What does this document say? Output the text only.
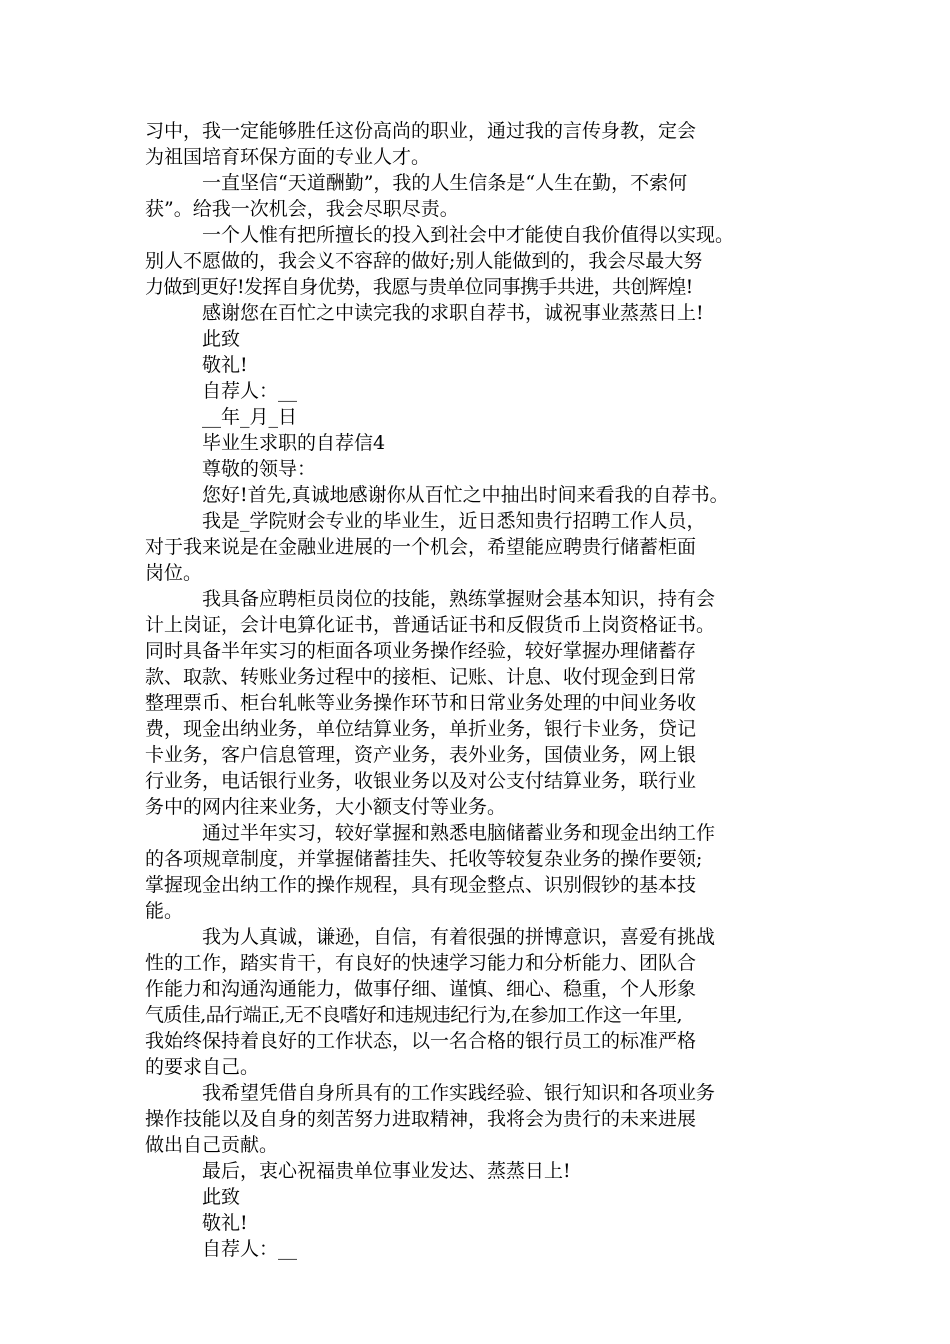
习中，我一定能够胜任这份高尚的职业，通过我的言传身教，定会
为祖国培育环保方面的专业人才。
一直坚信“天道酬勤”，我的人生信条是“人生在勤，不索何
获”。给我一次机会，我会尽职尽责。
一个人惟有把所擅长的投入到社会中才能使自我价值得以实现。
别人不愿做的，我会义不容辞的做好;别人能做到的，我会尽最大努
力做到更好!发挥自身优势，我愿与贵单位同事携手共进，共创辉煌!
感谢您在百忙之中读完我的求职自荐书，诚祝事业蒸蒸日上!
此致
敬礼!
自荐人：__
__年_月_日
毕业生求职的自荐信4
尊敬的领导：
您好!首先,真诚地感谢你从百忙之中抽出时间来看我的自荐书。
我是_学院财会专业的毕业生，近日悉知贵行招聘工作人员，
对于我来说是在金融业进展的一个机会，希望能应聘贵行储蓄柜面
岗位。
我具备应聘柜员岗位的技能，熟练掌握财会基本知识，持有会
计上岗证，会计电算化证书，普通话证书和反假货币上岗资格证书。
同时具备半年实习的柜面各项业务操作经验，较好掌握办理储蓄存
款、取款、转账业务过程中的接柜、记账、计息、收付现金到日常
整理票币、柜台轧帐等业务操作环节和日常业务处理的中间业务收
费，现金出纳业务，单位结算业务，单折业务，银行卡业务，贷记
卡业务，客户信息管理，资产业务，表外业务，国债业务，网上银
行业务，电话银行业务，收银业务以及对公支付结算业务，联行业
务中的网内往来业务，大小额支付等业务。
通过半年实习，较好掌握和熟悉电脑储蓄业务和现金出纳工作
的各项规章制度，并掌握储蓄挂失、托收等较复杂业务的操作要领;
掌握现金出纳工作的操作规程，具有现金整点、识别假钞的基本技
能。
我为人真诚，谦逊，自信，有着很强的拼博意识，喜爱有挑战
性的工作，踏实肯干，有良好的快速学习能力和分析能力、团队合
作能力和沟通沟通能力，做事仔细、谨慎、细心、稳重，个人形象
气质佳,品行端正,无不良嗜好和违规违纪行为,在参加工作这一年里,
我始终保持着良好的工作状态，以一名合格的银行员工的标准严格
的要求自己。
我希望凭借自身所具有的工作实践经验、银行知识和各项业务
操作技能以及自身的刻苦努力进取精神，我将会为贵行的未来进展
做出自己贡献。
最后，衷心祝福贵单位事业发达、蒸蒸日上!
此致
敬礼!
自荐人：__
